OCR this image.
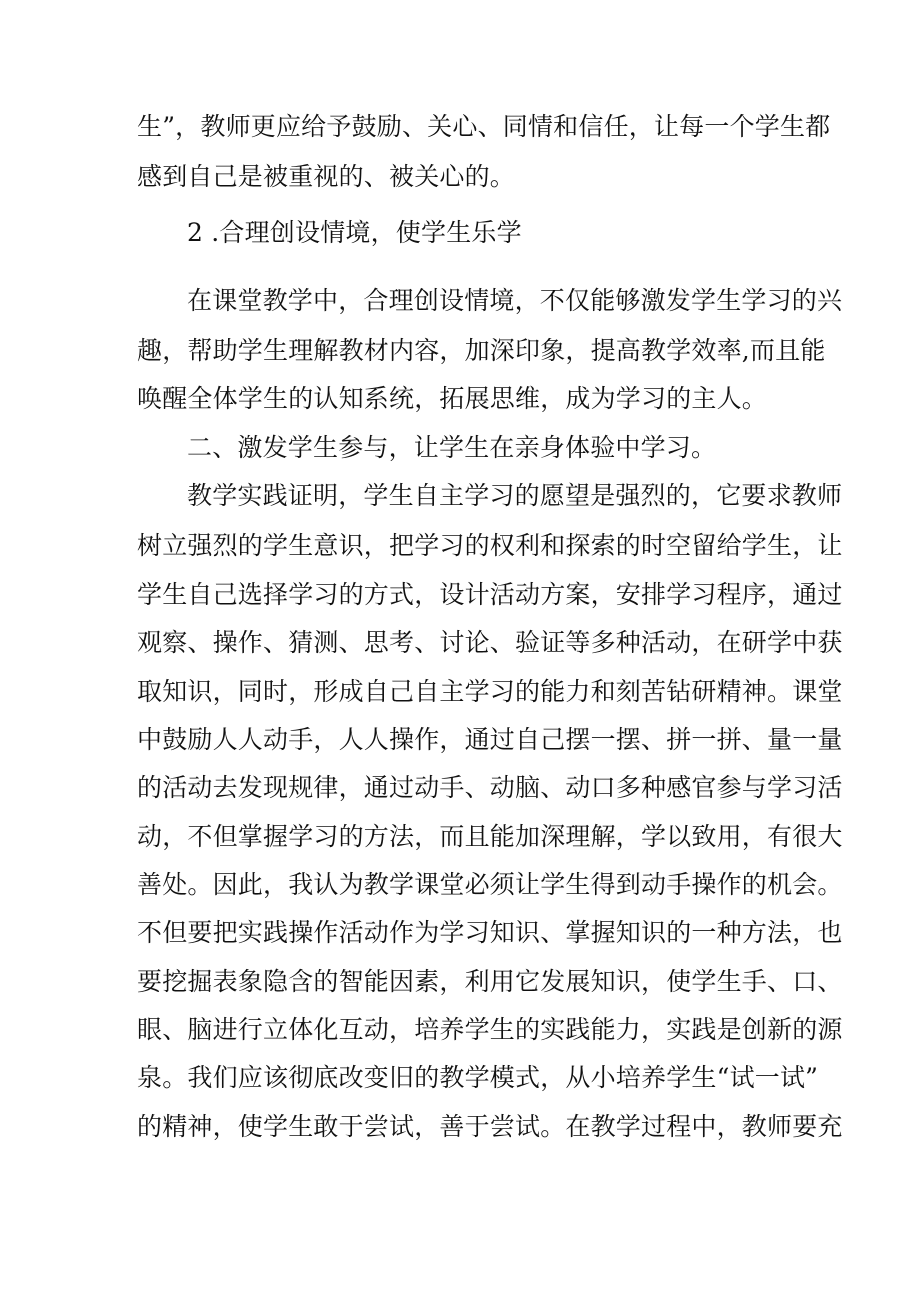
生”，教师更应给予鼓励、关心、同情和信任，让每一个学生都
感到自己是被重视的、被关心的。
2 .合理创设情境，使学生乐学
在课堂教学中，合理创设情境，不仅能够激发学生学习的兴
趣，帮助学生理解教材内容，加深印象，提高教学效率,而且能
唤醒全体学生的认知系统，拓展思维，成为学习的主人。
二、激发学生参与，让学生在亲身体验中学习。
教学实践证明，学生自主学习的愿望是强烈的，它要求教师
树立强烈的学生意识，把学习的权利和探索的时空留给学生，让
学生自己选择学习的方式，设计活动方案，安排学习程序，通过
观察、操作、猜测、思考、讨论、验证等多种活动，在研学中获
取知识，同时，形成自己自主学习的能力和刻苦钻研精神。课堂
中鼓励人人动手，人人操作，通过自己摆一摆、拼一拼、量一量
的活动去发现规律，通过动手、动脑、动口多种感官参与学习活
动，不但掌握学习的方法，而且能加深理解，学以致用，有很大
善处。因此，我认为教学课堂必须让学生得到动手操作的机会。
不但要把实践操作活动作为学习知识、掌握知识的一种方法，也
要挖掘表象隐含的智能因素，利用它发展知识，使学生手、口、
眼、脑进行立体化互动，培养学生的实践能力，实践是创新的源
泉。我们应该彻底改变旧的教学模式，从小培养学生“试一试”
的精神，使学生敢于尝试，善于尝试。在教学过程中，教师要充
